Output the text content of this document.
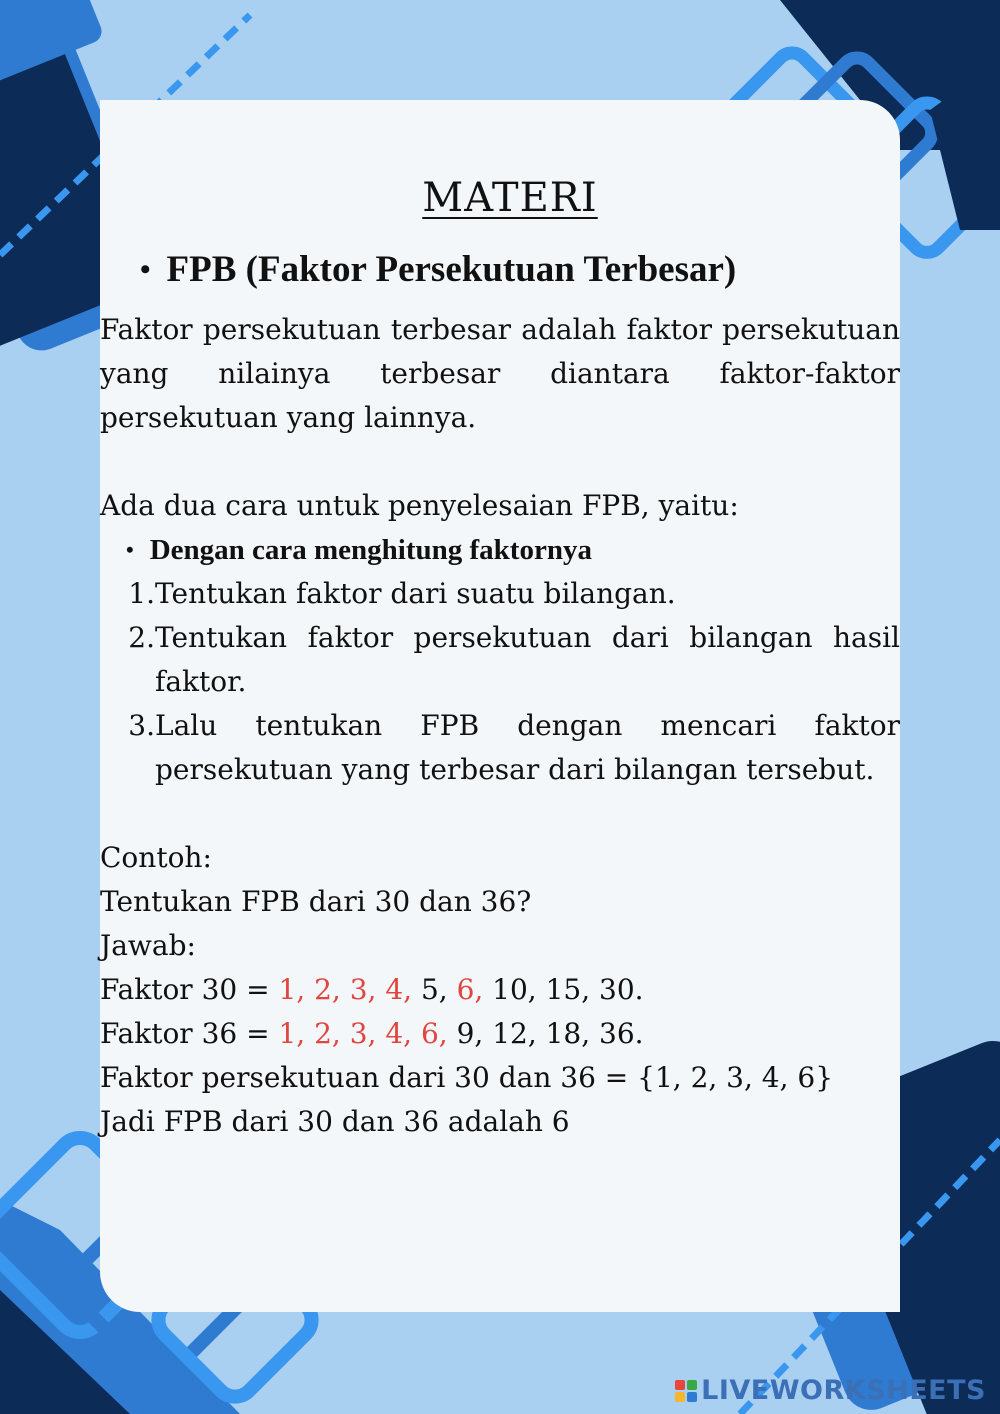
MATERI
• FPB (Faktor Persekutuan Terbesar)

Faktor persekutuan terbesar adalah faktor persekutuan yang nilainya terbesar diantara faktor-faktor persekutuan yang lainnya.

Ada dua cara untuk penyelesaian FPB, yaitu:

• Dengan cara menghitung faktornya
1. Tentukan faktor dari suatu bilangan.
2. Tentukan faktor persekutuan dari bilangan hasil faktor.
3. Lalu tentukan FPB dengan mencari faktor persekutuan yang terbesar dari bilangan tersebut.

Contoh:

Tentukan FPB dari 30 dan 36?

Jawab:

Faktor 30 = 1, 2, 3, 4, 5, 6, 10, 15, 30.

Faktor 36 = 1, 2, 3, 4, 6, 9, 12, 18, 36.

Faktor persekutuan dari 30 dan 36 = {1, 2, 3, 4, 6}

Jadi FPB dari 30 dan 36 adalah 6

LIVEWORKSHEETS
